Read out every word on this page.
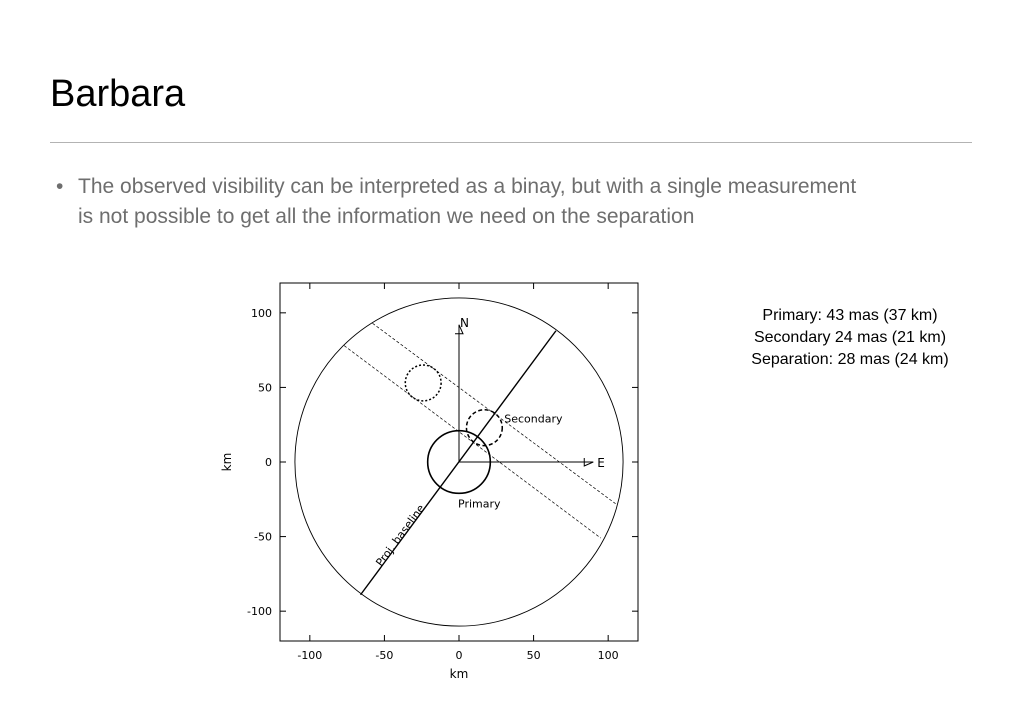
Barbara
• The observed visibility can be interpreted as a binay, but with a single measurement is not possible to get all the information we need on the separation
Primary: 43 mas (37 km)
Secondary 24 mas (21 km)
Separation: 28 mas (24 km)
-100	-50	0	50	100
100
50
0
-50
-100
N
E
Primary
Secondary
Proj. baseline
km
km
